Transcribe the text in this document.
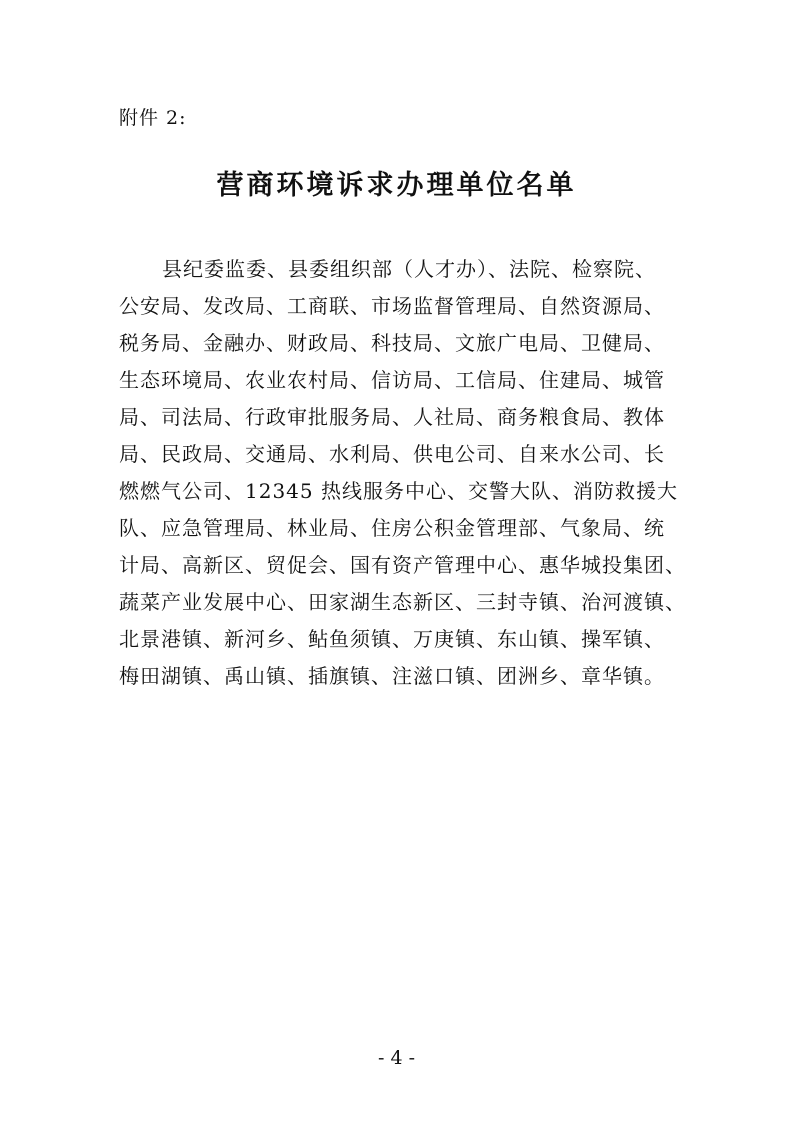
附件 2:
营商环境诉求办理单位名单
县纪委监委、县委组织部（人才办）、法院、检察院、
公安局、发改局、工商联、市场监督管理局、自然资源局、
税务局、金融办、财政局、科技局、文旅广电局、卫健局、
生态环境局、农业农村局、信访局、工信局、住建局、城管
局、司法局、行政审批服务局、人社局、商务粮食局、教体
局、民政局、交通局、水利局、供电公司、自来水公司、长
燃燃气公司、12345 热线服务中心、交警大队、消防救援大
队、应急管理局、林业局、住房公积金管理部、气象局、统
计局、高新区、贸促会、国有资产管理中心、惠华城投集团、
蔬菜产业发展中心、田家湖生态新区、三封寺镇、治河渡镇、
北景港镇、新河乡、鲇鱼须镇、万庚镇、东山镇、操军镇、
梅田湖镇、禹山镇、插旗镇、注滋口镇、团洲乡、章华镇。
- 4 -
